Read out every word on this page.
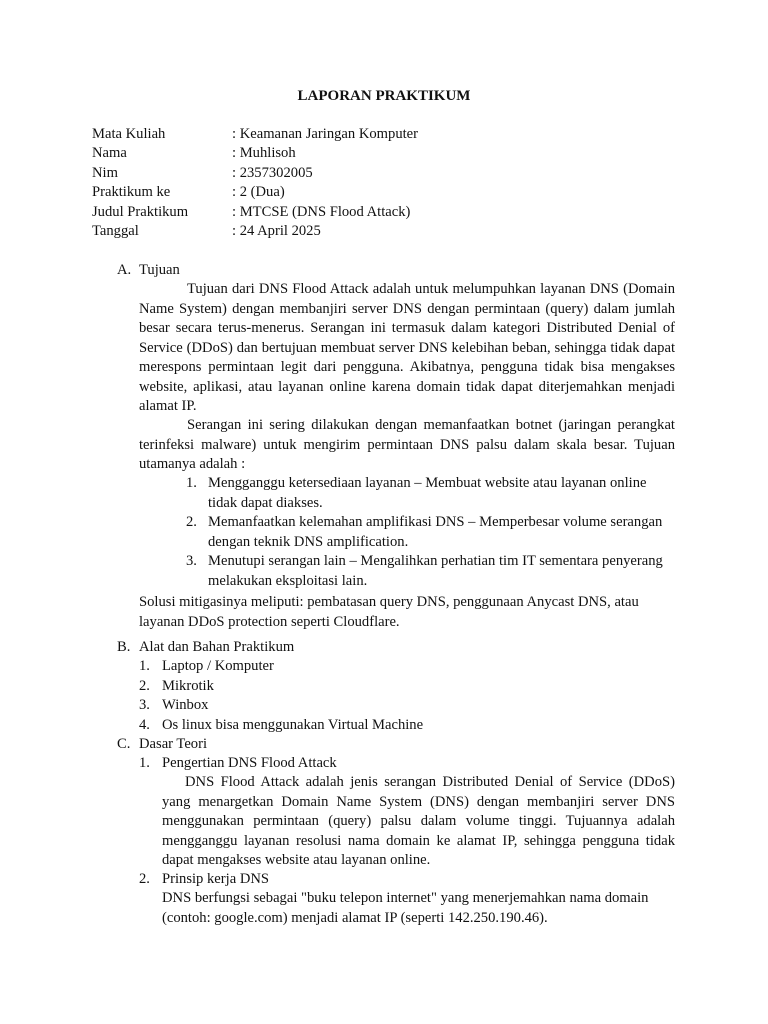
LAPORAN PRAKTIKUM
Mata Kuliah	: Keamanan Jaringan Komputer
Nama	: Muhlisoh
Nim	: 2357302005
Praktikum ke	: 2 (Dua)
Judul Praktikum	: MTCSE (DNS Flood Attack)
Tanggal	: 24 April 2025
A. Tujuan

Tujuan dari DNS Flood Attack adalah untuk melumpuhkan layanan DNS (Domain Name System) dengan membanjiri server DNS dengan permintaan (query) dalam jumlah besar secara terus-menerus. Serangan ini termasuk dalam kategori Distributed Denial of Service (DDoS) dan bertujuan membuat server DNS kelebihan beban, sehingga tidak dapat merespons permintaan legit dari pengguna. Akibatnya, pengguna tidak bisa mengakses website, aplikasi, atau layanan online karena domain tidak dapat diterjemahkan menjadi alamat IP.

Serangan ini sering dilakukan dengan memanfaatkan botnet (jaringan perangkat terinfeksi malware) untuk mengirim permintaan DNS palsu dalam skala besar. Tujuan utamanya adalah :

1. Mengganggu ketersediaan layanan – Membuat website atau layanan online tidak dapat diakses.
2. Memanfaatkan kelemahan amplifikasi DNS – Memperbesar volume serangan dengan teknik DNS amplification.
3. Menutupi serangan lain – Mengalihkan perhatian tim IT sementara penyerang melakukan eksploitasi lain.

Solusi mitigasinya meliputi: pembatasan query DNS, penggunaan Anycast DNS, atau layanan DDoS protection seperti Cloudflare.

B. Alat dan Bahan Praktikum
1. Laptop / Komputer
2. Mikrotik
3. Winbox
4. Os linux bisa menggunakan Virtual Machine
C. Dasar Teori
1. Pengertian DNS Flood Attack

DNS Flood Attack adalah jenis serangan Distributed Denial of Service (DDoS) yang menargetkan Domain Name System (DNS) dengan membanjiri server DNS menggunakan permintaan (query) palsu dalam volume tinggi. Tujuannya adalah mengganggu layanan resolusi nama domain ke alamat IP, sehingga pengguna tidak dapat mengakses website atau layanan online.

2. Prinsip kerja DNS

DNS berfungsi sebagai "buku telepon internet" yang menerjemahkan nama domain (contoh: google.com) menjadi alamat IP (seperti 142.250.190.46).
